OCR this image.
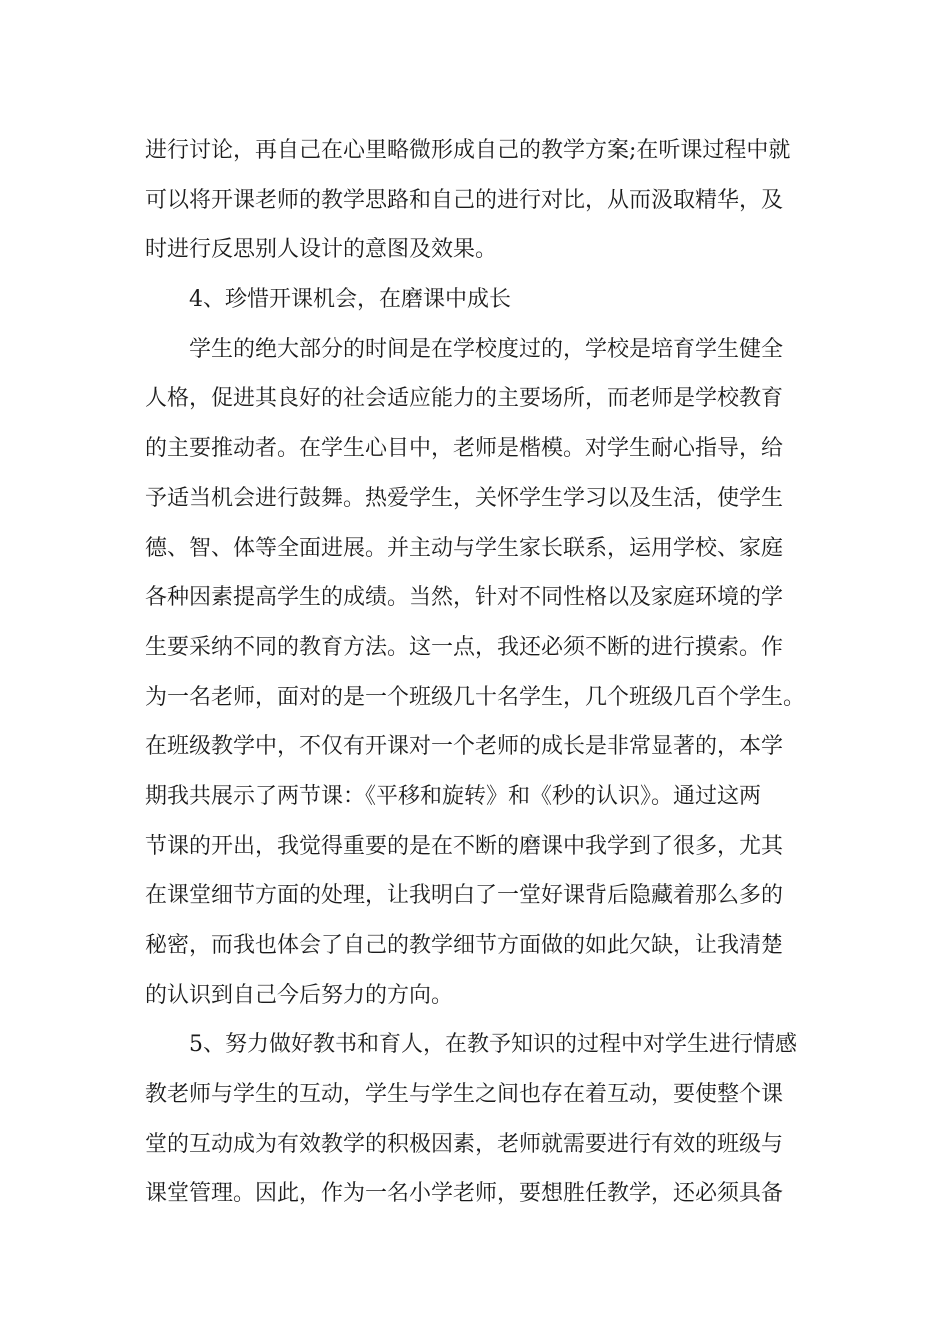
进行讨论，再自己在心里略微形成自己的教学方案;在听课过程中就
可以将开课老师的教学思路和自己的进行对比，从而汲取精华，及
时进行反思别人设计的意图及效果。
4、珍惜开课机会，在磨课中成长
学生的绝大部分的时间是在学校度过的，学校是培育学生健全
人格，促进其良好的社会适应能力的主要场所，而老师是学校教育
的主要推动者。在学生心目中，老师是楷模。对学生耐心指导，给
予适当机会进行鼓舞。热爱学生，关怀学生学习以及生活，使学生
德、智、体等全面进展。并主动与学生家长联系，运用学校、家庭
各种因素提高学生的成绩。当然，针对不同性格以及家庭环境的学
生要采纳不同的教育方法。这一点，我还必须不断的进行摸索。作
为一名老师，面对的是一个班级几十名学生，几个班级几百个学生。
在班级教学中，不仅有开课对一个老师的成长是非常显著的，本学
期我共展示了两节课：《平移和旋转》和《秒的认识》。通过这两
节课的开出，我觉得重要的是在不断的磨课中我学到了很多，尤其
在课堂细节方面的处理，让我明白了一堂好课背后隐藏着那么多的
秘密，而我也体会了自己的教学细节方面做的如此欠缺，让我清楚
的认识到自己今后努力的方向。
5、努力做好教书和育人，在教予知识的过程中对学生进行情感
教老师与学生的互动，学生与学生之间也存在着互动，要使整个课
堂的互动成为有效教学的积极因素，老师就需要进行有效的班级与
课堂管理。因此，作为一名小学老师，要想胜任教学，还必须具备
